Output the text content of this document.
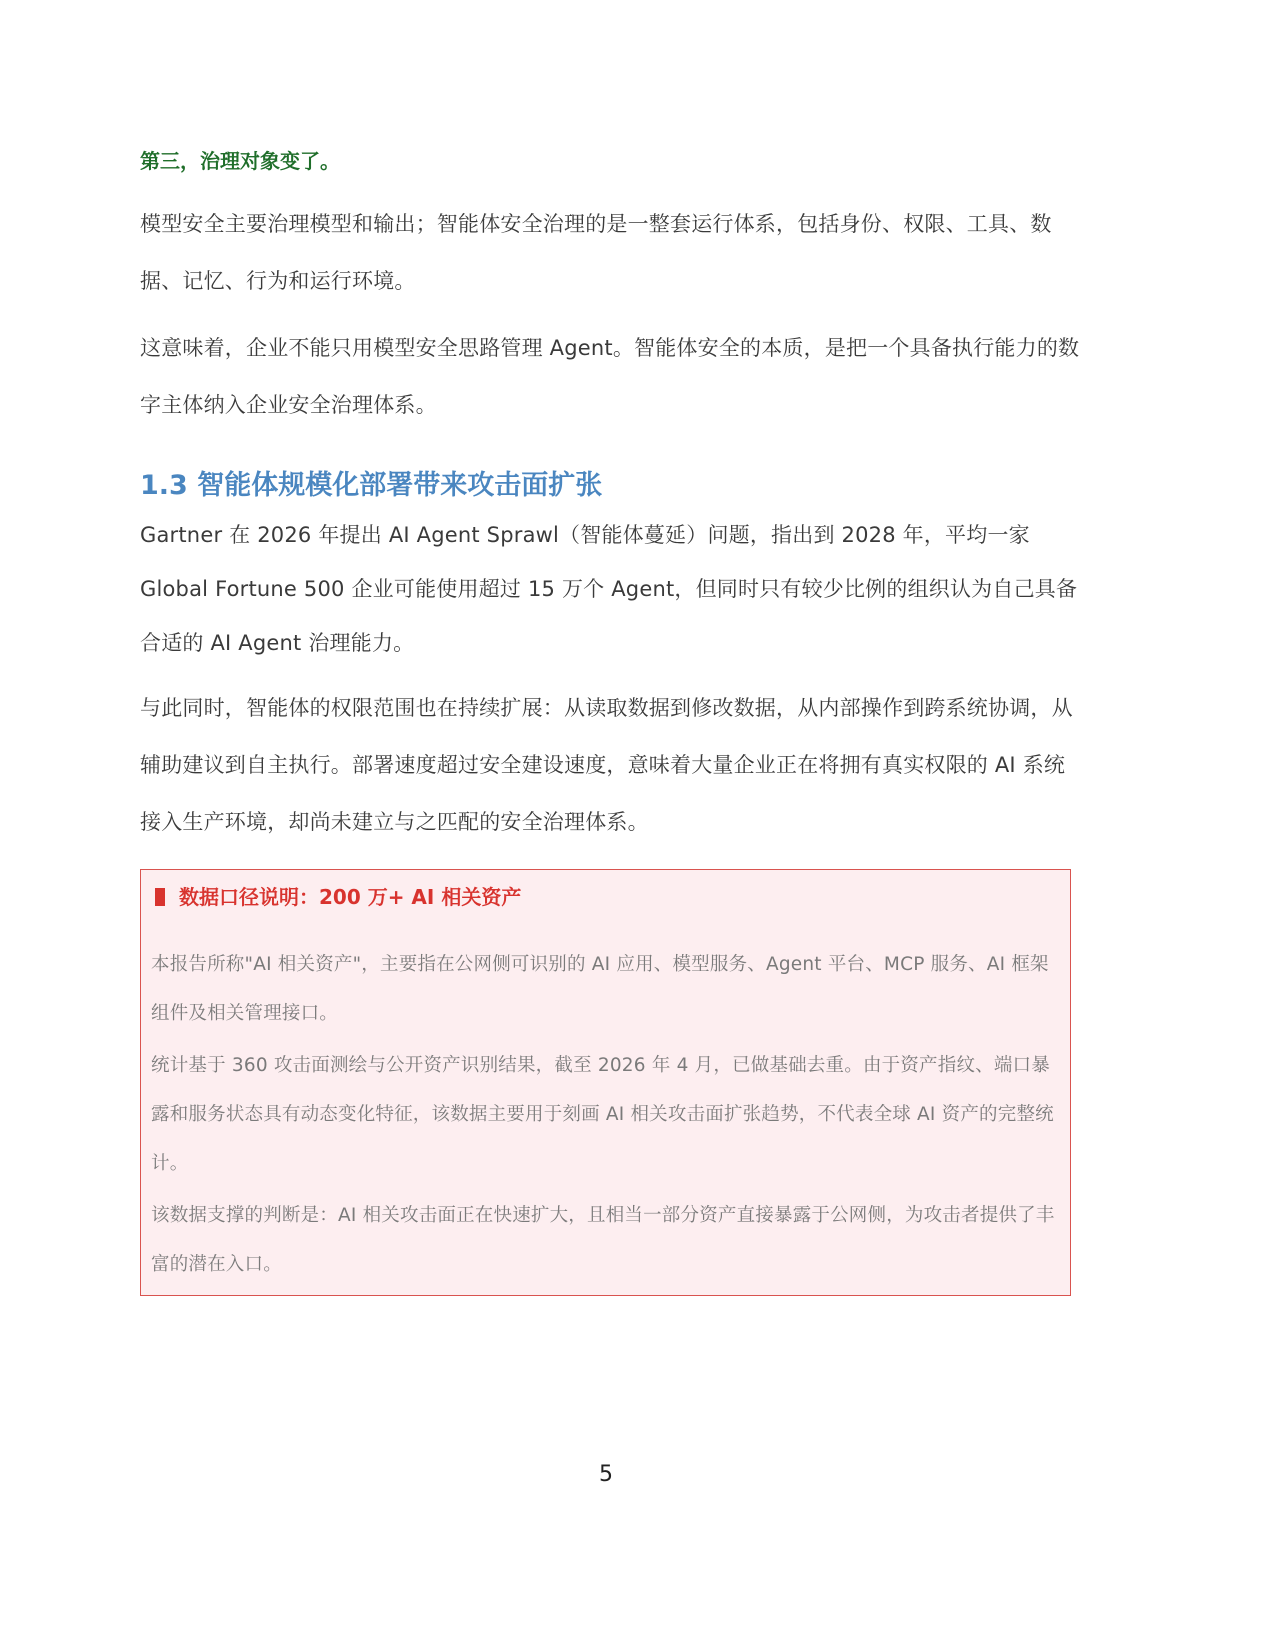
第三，治理对象变了。
模型安全主要治理模型和输出；智能体安全治理的是一整套运行体系，包括身份、权限、工具、数据、记忆、行为和运行环境。
这意味着，企业不能只用模型安全思路管理 Agent。智能体安全的本质，是把一个具备执行能力的数字主体纳入企业安全治理体系。
1.3 智能体规模化部署带来攻击面扩张
Gartner 在 2026 年提出 AI Agent Sprawl（智能体蔓延）问题，指出到 2028 年，平均一家 Global Fortune 500 企业可能使用超过 15 万个 Agent，但同时只有较少比例的组织认为自己具备合适的 AI Agent 治理能力。
与此同时，智能体的权限范围也在持续扩展：从读取数据到修改数据，从内部操作到跨系统协调，从辅助建议到自主执行。部署速度超过安全建设速度，意味着大量企业正在将拥有真实权限的 AI 系统接入生产环境，却尚未建立与之匹配的安全治理体系。
数据口径说明：200 万+ AI 相关资产
本报告所称"AI 相关资产"，主要指在公网侧可识别的 AI 应用、模型服务、Agent 平台、MCP 服务、AI 框架组件及相关管理接口。
统计基于 360 攻击面测绘与公开资产识别结果，截至 2026 年 4 月，已做基础去重。由于资产指纹、端口暴露和服务状态具有动态变化特征，该数据主要用于刻画 AI 相关攻击面扩张趋势，不代表全球 AI 资产的完整统计。
该数据支撑的判断是：AI 相关攻击面正在快速扩大，且相当一部分资产直接暴露于公网侧，为攻击者提供了丰富的潜在入口。
5
